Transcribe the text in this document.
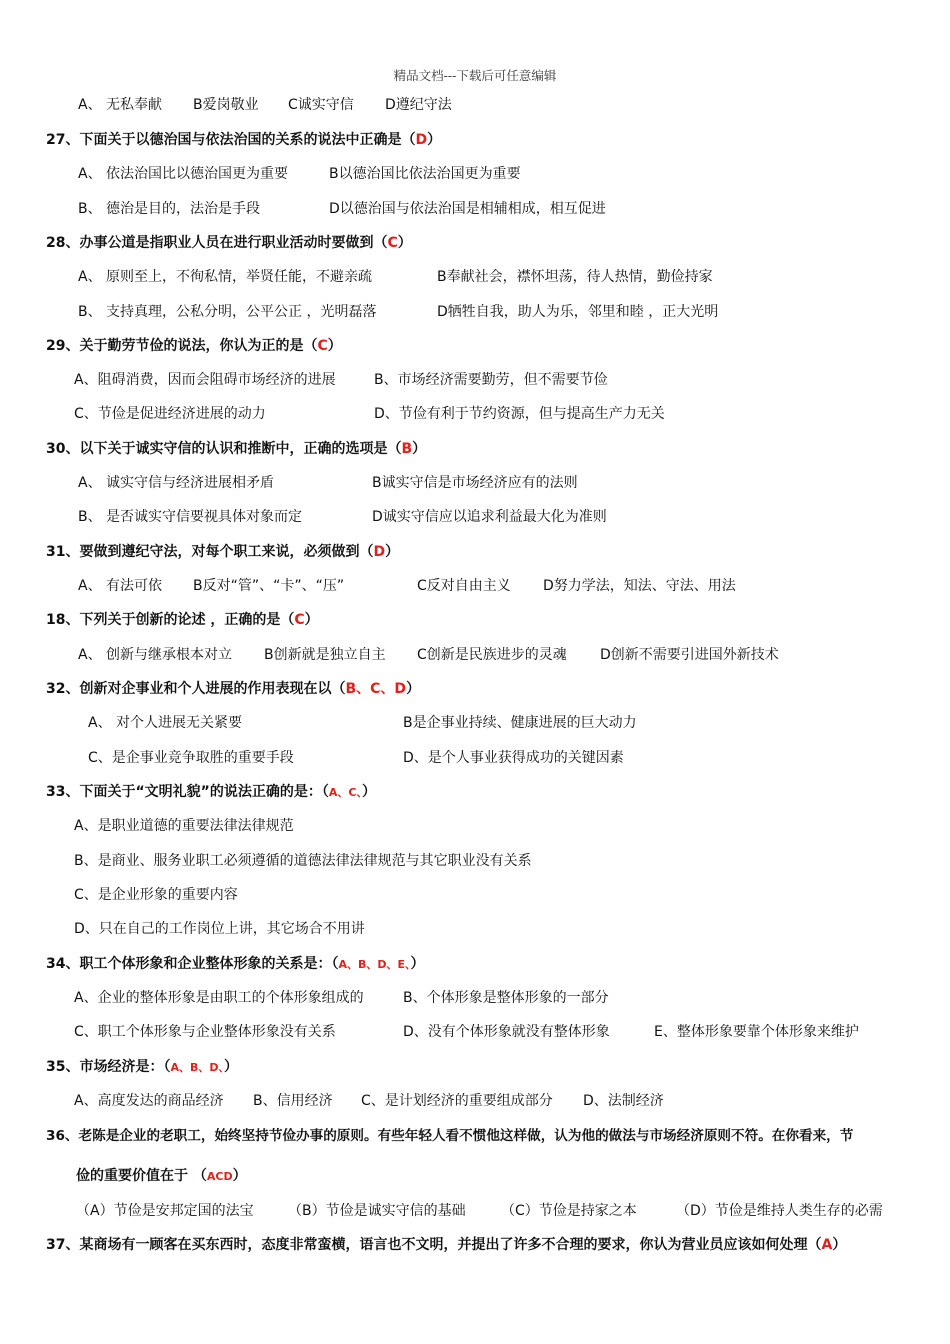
精品文档---下载后可任意编辑
A、 无私奉献 B爱岗敬业 C诚实守信 D遵纪守法
27、下面关于以德治国与依法治国的关系的说法中正确是（D）
A、 依法治国比以德治国更为重要	B以德治国比依法治国更为重要
B、 德治是目的，法治是手段	D以德治国与依法治国是相辅相成，相互促进
28、办事公道是指职业人员在进行职业活动时要做到（C）
A、 原则至上，不徇私情，举贤任能，不避亲疏	B奉献社会，襟怀坦荡，待人热情，勤俭持家
B、 支持真理，公私分明，公平公正 ，光明磊落	D牺牲自我，助人为乐，邻里和睦 ，正大光明
29、关于勤劳节俭的说法，你认为正的是（C）
A、阻碍消费，因而会阻碍市场经济的进展	B、市场经济需要勤劳，但不需要节俭
C、节俭是促进经济进展的动力	D、节俭有利于节约资源，但与提高生产力无关
30、以下关于诚实守信的认识和推断中，正确的选项是（B）
A、 诚实守信与经济进展相矛盾	B诚实守信是市场经济应有的法则
B、 是否诚实守信要视具体对象而定	D诚实守信应以追求利益最大化为准则
31、要做到遵纪守法，对每个职工来说，必须做到（D）
A、 有法可依 B反对“管”、“卡”、“压”	C反对自由主义 D努力学法，知法、守法、用法
18、下列关于创新的论述 ，正确的是（C）
A、 创新与继承根本对立 B创新就是独立自主 C创新是民族进步的灵魂 D创新不需要引进国外新技术
32、创新对企事业和个人进展的作用表现在以（B、C、D）
A、 对个人进展无关紧要	B是企事业持续、健康进展的巨大动力
C、是企事业竞争取胜的重要手段	D、是个人事业获得成功的关键因素
33、下面关于“文明礼貌”的说法正确的是：（A、C、）
A、是职业道德的重要法律法律规范
B、是商业、服务业职工必须遵循的道德法律法律规范与其它职业没有关系
C、是企业形象的重要内容
D、只在自己的工作岗位上讲，其它场合不用讲
34、职工个体形象和企业整体形象的关系是：（A、B、D、E、）
A、企业的整体形象是由职工的个体形象组成的	B、个体形象是整体形象的一部分
C、职工个体形象与企业整体形象没有关系	D、没有个体形象就没有整体形象	E、整体形象要靠个体形象来维护
35、市场经济是：（A、B、D、）
A、高度发达的商品经济 B、信用经济 C、是计划经济的重要组成部分 D、法制经济
36、老陈是企业的老职工，始终坚持节俭办事的原则。有些年轻人看不惯他这样做，认为他的做法与市场经济原则不符。在你看来，节
俭的重要价值在于 （ACD）
（A）节俭是安邦定国的法宝 （B）节俭是诚实守信的基础	（C）节俭是持家之本	（D）节俭是维持人类生存的必需
37、某商场有一顾客在买东西时，态度非常蛮横，语言也不文明，并提出了许多不合理的要求，你认为营业员应该如何处理（A）
